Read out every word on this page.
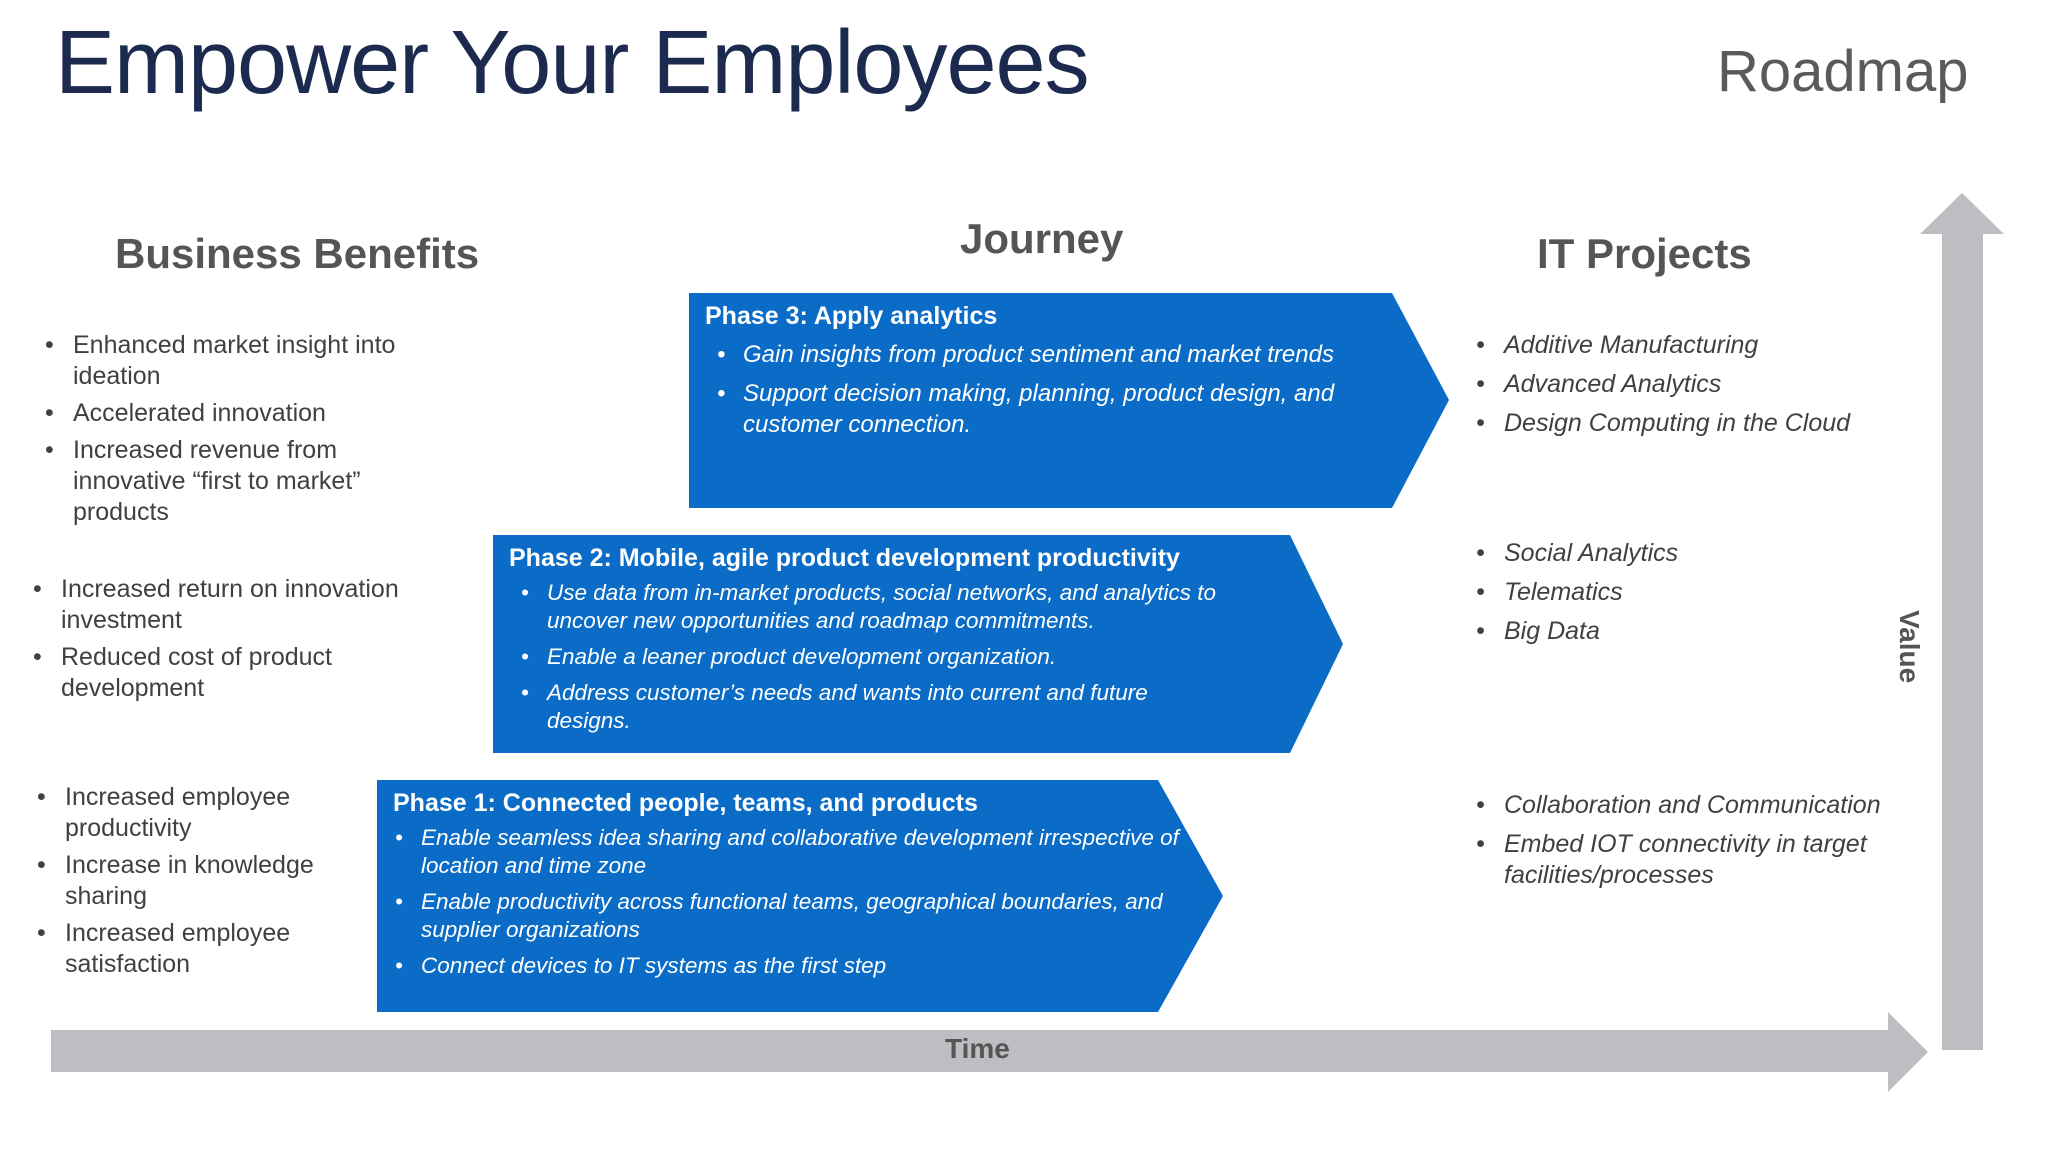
Empower Your Employees	Roadmap
Business Benefits	Journey	IT Projects
• Enhanced market insight into ideation
• Accelerated innovation
• Increased revenue from innovative “first to market” products
• Increased return on innovation investment
• Reduced cost of product development
• Increased employee productivity
• Increase in knowledge sharing
• Increased employee satisfaction
Phase 3: Apply analytics
• Gain insights from product sentiment and market trends
• Support decision making, planning, product design, and customer connection.
Phase 2: Mobile, agile product development productivity
• Use data from in-market products, social networks, and analytics to uncover new opportunities and roadmap commitments.
• Enable a leaner product development organization.
• Address customer’s needs and wants into current and future designs.
Phase 1: Connected people, teams, and products
• Enable seamless idea sharing and collaborative development irrespective of location and time zone
• Enable productivity across functional teams, geographical boundaries, and supplier organizations
• Connect devices to IT systems as the first step
• Additive Manufacturing
• Advanced Analytics
• Design Computing in the Cloud
• Social Analytics
• Telematics
• Big Data
• Collaboration and Communication
• Embed IOT connectivity in target facilities/processes
Time
Value
